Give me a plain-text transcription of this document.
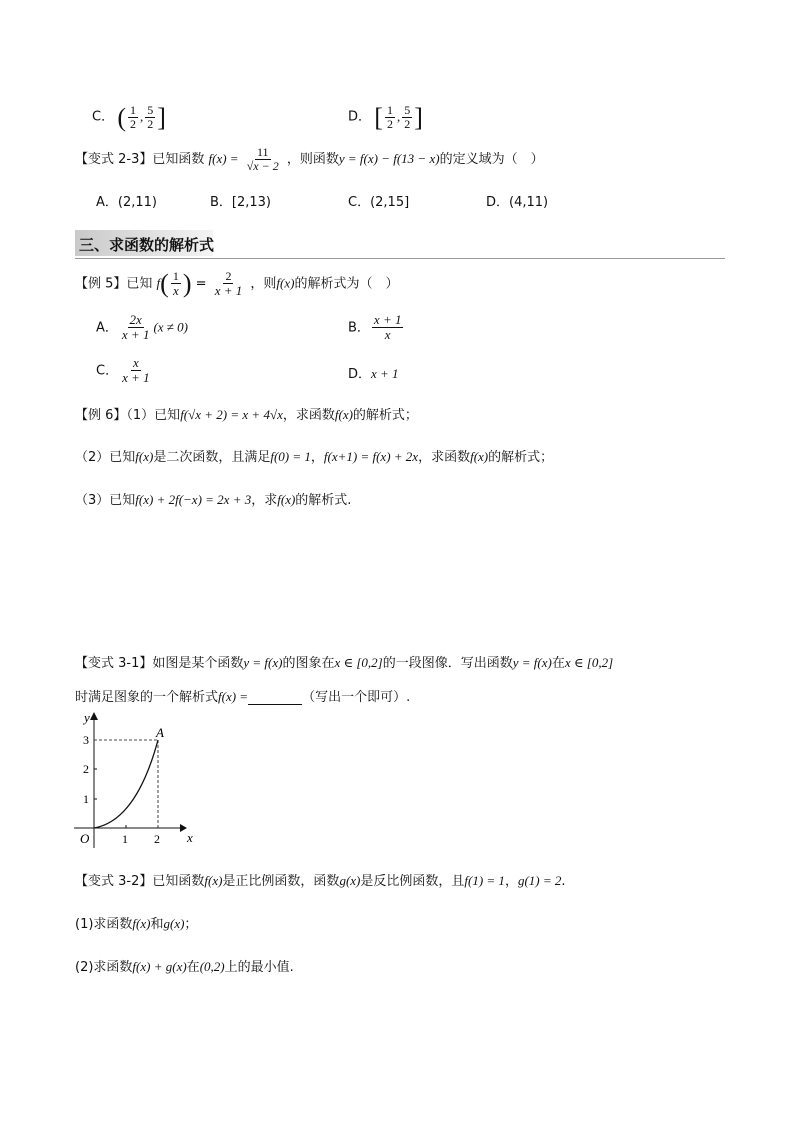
C． ( $\frac{1}{2}$ , $\frac{5}{2}$ ]	D． [ $\frac{1}{2}$ , $\frac{5}{2}$ ]
【变式 2-3】已知函数 $f(x) = \frac{11}{√x - 2}$ ，则函数y = f(x) − f(13 − x)的定义域为（　）
A．(2,11)	B．[2,13)	C．(2,15]	D．(4,11)
三、求函数的解析式
【例 5】已知 $f( \frac{1}{x}$ ) = $\frac{2}{x + 1}$ ，则f(x)的解析式为（　）
A． $\frac{2x}{x + 1} (x \ne 0)$	B． $\frac{x + 1}{x}$
C． $\frac{x}{x + 1}$	D．x + 1
【例 6】（1）已知f(√x + 2) = x + 4√x，求函数f(x)的解析式；
（2）已知f(x)是二次函数，且满足f(0) = 1，f(x+1) = f(x) + 2x，求函数f(x)的解析式；
（3）已知f(x) + 2f(−x) = 2x + 3，求f(x)的解析式.
【变式 3-1】如图是某个函数y = f(x)的图象在x ∈ [0,2]的一段图像．写出函数y = f(x)在x ∈ [0,2]
时满足图象的一个解析式f(x) =	（写出一个即可）.
y
x
O
A
1
2
3
1 2
【变式 3-2】已知函数f(x)是正比例函数，函数g(x)是反比例函数，且f(1) = 1，g(1) = 2.
(1)求函数f(x)和g(x)；
(2)求函数f(x) + g(x)在(0,2)上的最小值.
